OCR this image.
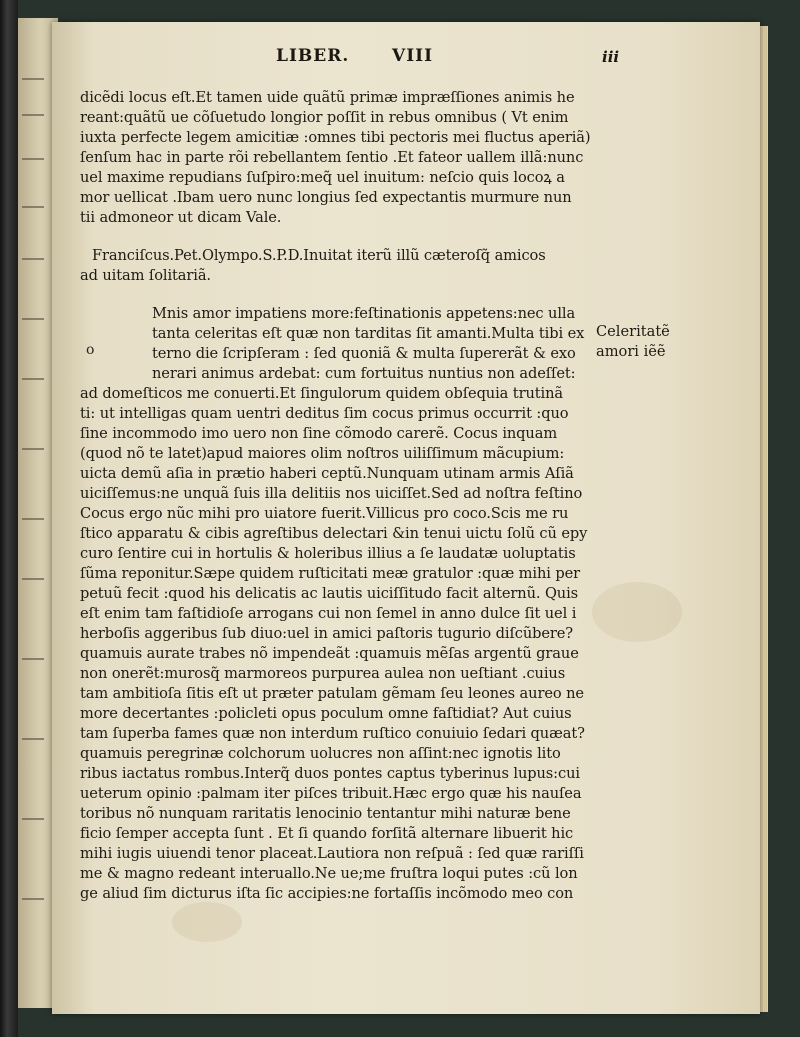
LIBER.	VIII	iii
dicẽdi locus eſt.Et tamen uide quãtũ primæ impræſſiones animis he
reant:quãtũ ue cõſuetudo longior poſſit in rebus omnibus ( Vt enim
iuxta perfecte legem amicitiæ :omnes tibi pectoris mei fluctus aperiã)
ſenſum hac in parte rõi rebellantem ſentio .Et fateor uallem illã:nunc
uel maxime repudians ſuſpiro:meq̃ uel inuitum: neſcio quis locoꝝ a
mor uellicat .Ibam uero nunc longius ſed expectantis murmure nun
tii admoneor ut dicam Vale.
Franciſcus.Pet.Olympo.S.P.D.Inuitat iterũ illũ cæteroſq̃ amicos
ad uitam ſolitariã.
Mnis amor impatiens more:feſtinationis appetens:nec ulla
tanta celeritas eſt quæ non tarditas ſit amanti.Multa tibi ex
terno die ſcripſeram : ſed quoniã & multa ſupererãt & exo
nerari animus ardebat: cum fortuitus nuntius non adeſſet:
ad domeſticos me conuerti.Et ſingulorum quidem obſequia trutinã
ti: ut intelligas quam uentri deditus ſim cocus primus occurrit :quo
ſine incommodo imo uero non ſine cõmodo carerẽ. Cocus inquam
(quod nõ te latet)apud maiores olim noſtros uiliſſimum mãcupium:
uicta demũ aſia in prætio haberi ceptũ.Nunquam utinam armis Aſiã
uiciſſemus:ne unquã ſuis illa delitiis nos uiciſſet.Sed ad noſtra feſtino
Cocus ergo nũc mihi pro uiatore fuerit.Villicus pro coco.Scis me ru
ſtico apparatu & cibis agreſtibus delectari &in tenui uictu ſolũ cũ epy
curo ſentire cui in hortulis & holeribus illius a ſe laudatæ uoluptatis
ſũma reponitur.Sæpe quidem ruſticitati meæ gratulor :quæ mihi per
petuũ fecit :quod his delicatis ac lautis uiciſſitudo facit alternũ. Quis
eſt enim tam faſtidioſe arrogans cui non ſemel in anno dulce ſit uel i
herboſis aggeribus ſub diuo:uel in amici paſtoris tugurio diſcũbere?
quamuis aurate trabes nõ impendeãt :quamuis mẽſas argentũ graue
non onerẽt:murosq̃ marmoreos purpurea aulea non ueſtiant .cuius
tam ambitioſa ſitis eſt ut præter patulam gẽmam ſeu leones aureo ne
more decertantes :policleti opus poculum omne faſtidiat? Aut cuius
tam ſuperba fames quæ non interdum ruſtico conuiuio ſedari quæat?
quamuis peregrinæ colchorum uolucres non aſſint:nec ignotis lito
ribus iactatus rombus.Interq̃ duos pontes captus tyberinus lupus:cui
ueterum opinio :palmam iter piſces tribuit.Hæc ergo quæ his nauſea
toribus nõ nunquam raritatis lenocinio tentantur mihi naturæ bene
ficio ſemper accepta ſunt . Et ſi quando forſitã alternare libuerit hic
mihi iugis uiuendi tenor placeat.Lautiora non reſpuã : ſed quæ rariſſi
me & magno redeant interuallo.Ne ue;me fruſtra loqui putes :cũ lon
ge aliud ſim dicturus iſta ſic accipies:ne fortaſſis incõmodo meo con
o
Celeritatẽ
amori iẽẽ
